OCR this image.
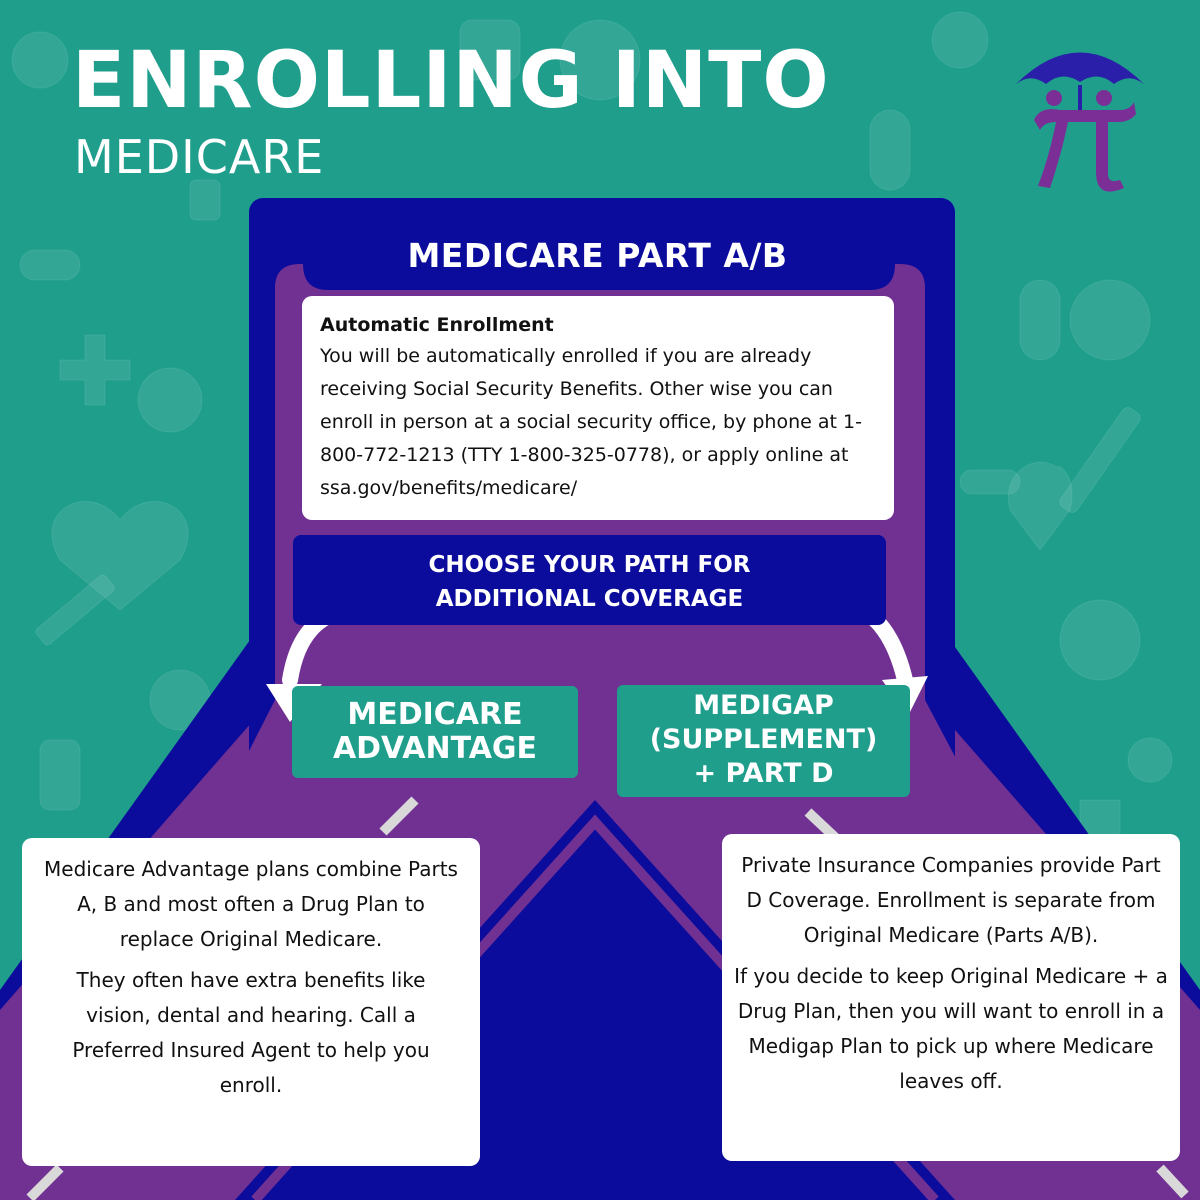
ENROLLING INTO
MEDICARE
MEDICARE PART A/B
Automatic Enrollment
You will be automatically enrolled if you are already receiving Social Security Benefits. Other wise you can enroll in person at a social security office, by phone at 1-800-772-1213 (TTY 1-800-325-0778), or apply online at ssa.gov/benefits/medicare/
CHOOSE YOUR PATH FOR
ADDITIONAL COVERAGE
MEDICARE
ADVANTAGE
MEDIGAP
(SUPPLEMENT)
+ PART D

Medicare Advantage plans combine Parts A, B and most often a Drug Plan to replace Original Medicare.

They often have extra benefits like vision, dental and hearing. Call a Preferred Insured Agent to help you enroll.

Private Insurance Companies provide Part D Coverage. Enrollment is separate from Original Medicare (Parts A/B).

If you decide to keep Original Medicare + a Drug Plan, then you will want to enroll in a Medigap Plan to pick up where Medicare leaves off.
